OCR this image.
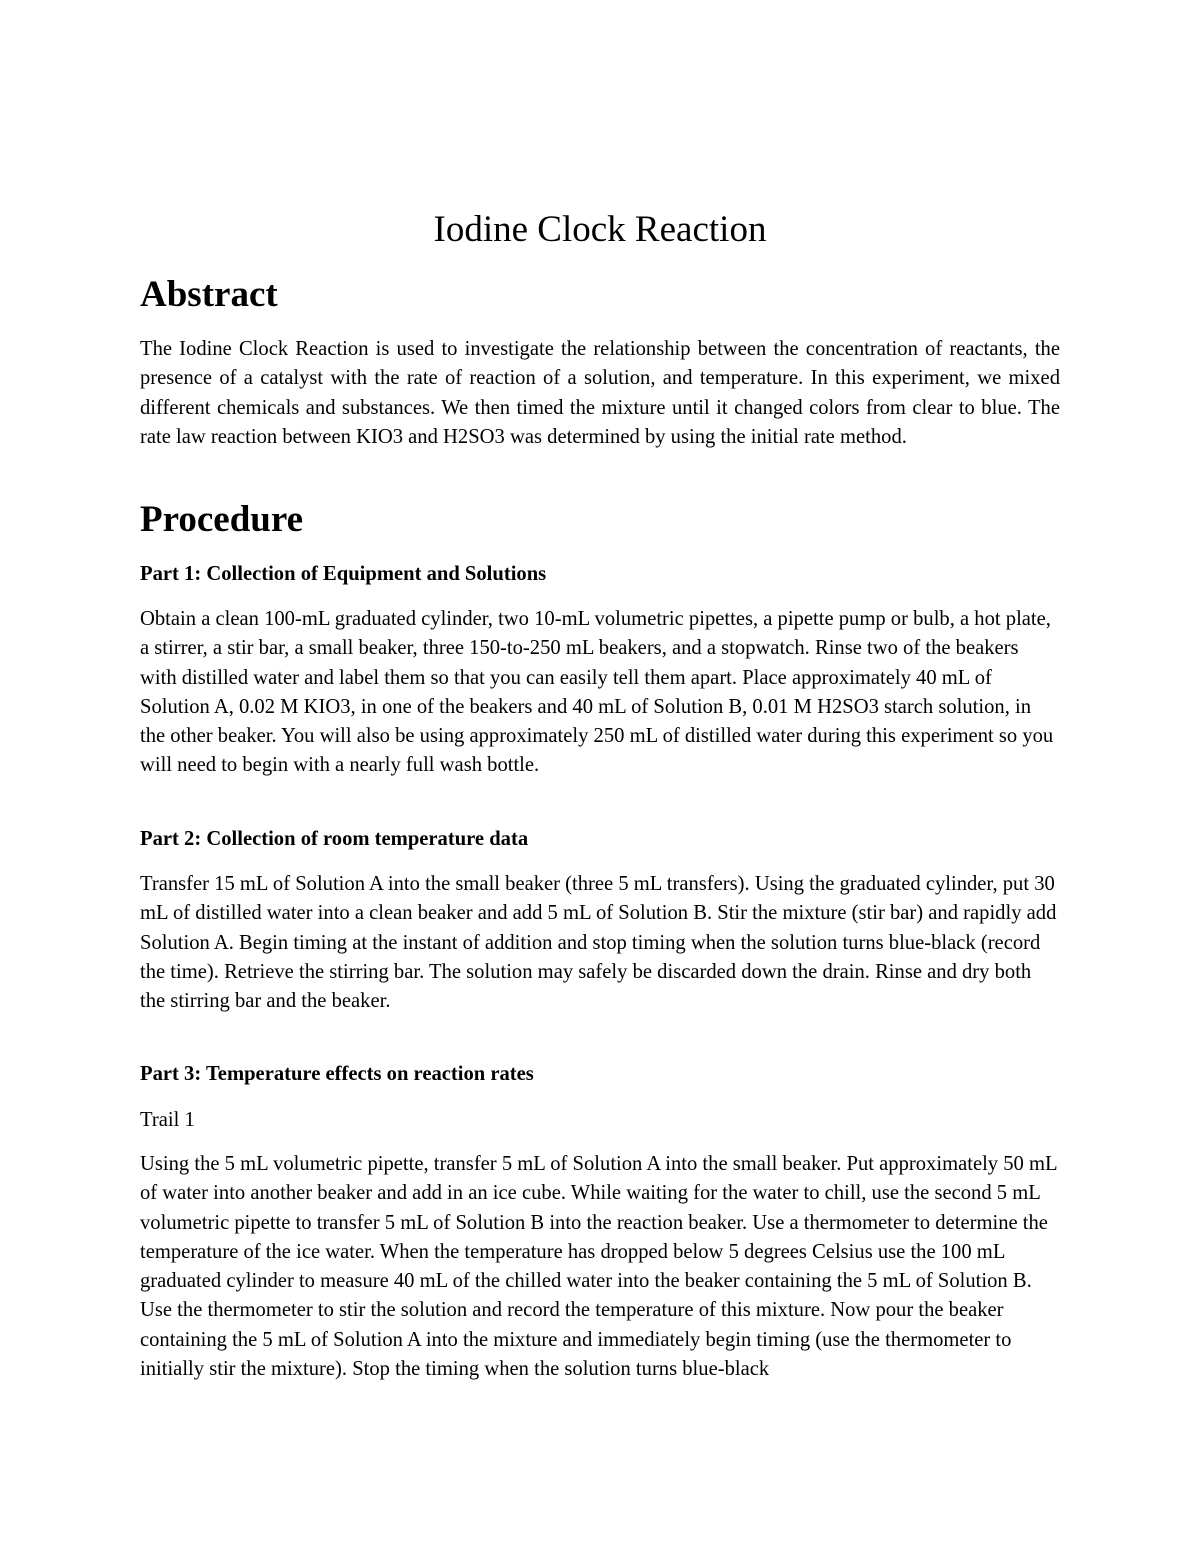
Iodine Clock Reaction
Abstract

The Iodine Clock Reaction is used to investigate the relationship between the concentration of reactants, the presence of a catalyst with the rate of reaction of a solution, and temperature. In this experiment, we mixed different chemicals and substances. We then timed the mixture until it changed colors from clear to blue. The rate law reaction between KIO3 and H2SO3 was determined by using the initial rate method.

Procedure
Part 1: Collection of Equipment and Solutions

Obtain a clean 100-mL graduated cylinder, two 10-mL volumetric pipettes, a pipette pump or bulb, a hot plate, a stirrer, a stir bar, a small beaker, three 150-to-250 mL beakers, and a stopwatch. Rinse two of the beakers with distilled water and label them so that you can easily tell them apart. Place approximately 40 mL of Solution A, 0.02 M KIO3, in one of the beakers and 40 mL of Solution B, 0.01 M H2SO3 starch solution, in the other beaker. You will also be using approximately 250 mL of distilled water during this experiment so you will need to begin with a nearly full wash bottle.

Part 2: Collection of room temperature data

Transfer 15 mL of Solution A into the small beaker (three 5 mL transfers). Using the graduated cylinder, put 30 mL of distilled water into a clean beaker and add 5 mL of Solution B. Stir the mixture (stir bar) and rapidly add Solution A. Begin timing at the instant of addition and stop timing when the solution turns blue-black (record the time). Retrieve the stirring bar. The solution may safely be discarded down the drain. Rinse and dry both the stirring bar and the beaker.

Part 3: Temperature effects on reaction rates

Trail 1

Using the 5 mL volumetric pipette, transfer 5 mL of Solution A into the small beaker. Put approximately 50 mL of water into another beaker and add in an ice cube. While waiting for the water to chill, use the second 5 mL volumetric pipette to transfer 5 mL of Solution B into the reaction beaker. Use a thermometer to determine the temperature of the ice water. When the temperature has dropped below 5 degrees Celsius use the 100 mL graduated cylinder to measure 40 mL of the chilled water into the beaker containing the 5 mL of Solution B. Use the thermometer to stir the solution and record the temperature of this mixture. Now pour the beaker containing the 5 mL of Solution A into the mixture and immediately begin timing (use the thermometer to initially stir the mixture). Stop the timing when the solution turns blue-black
